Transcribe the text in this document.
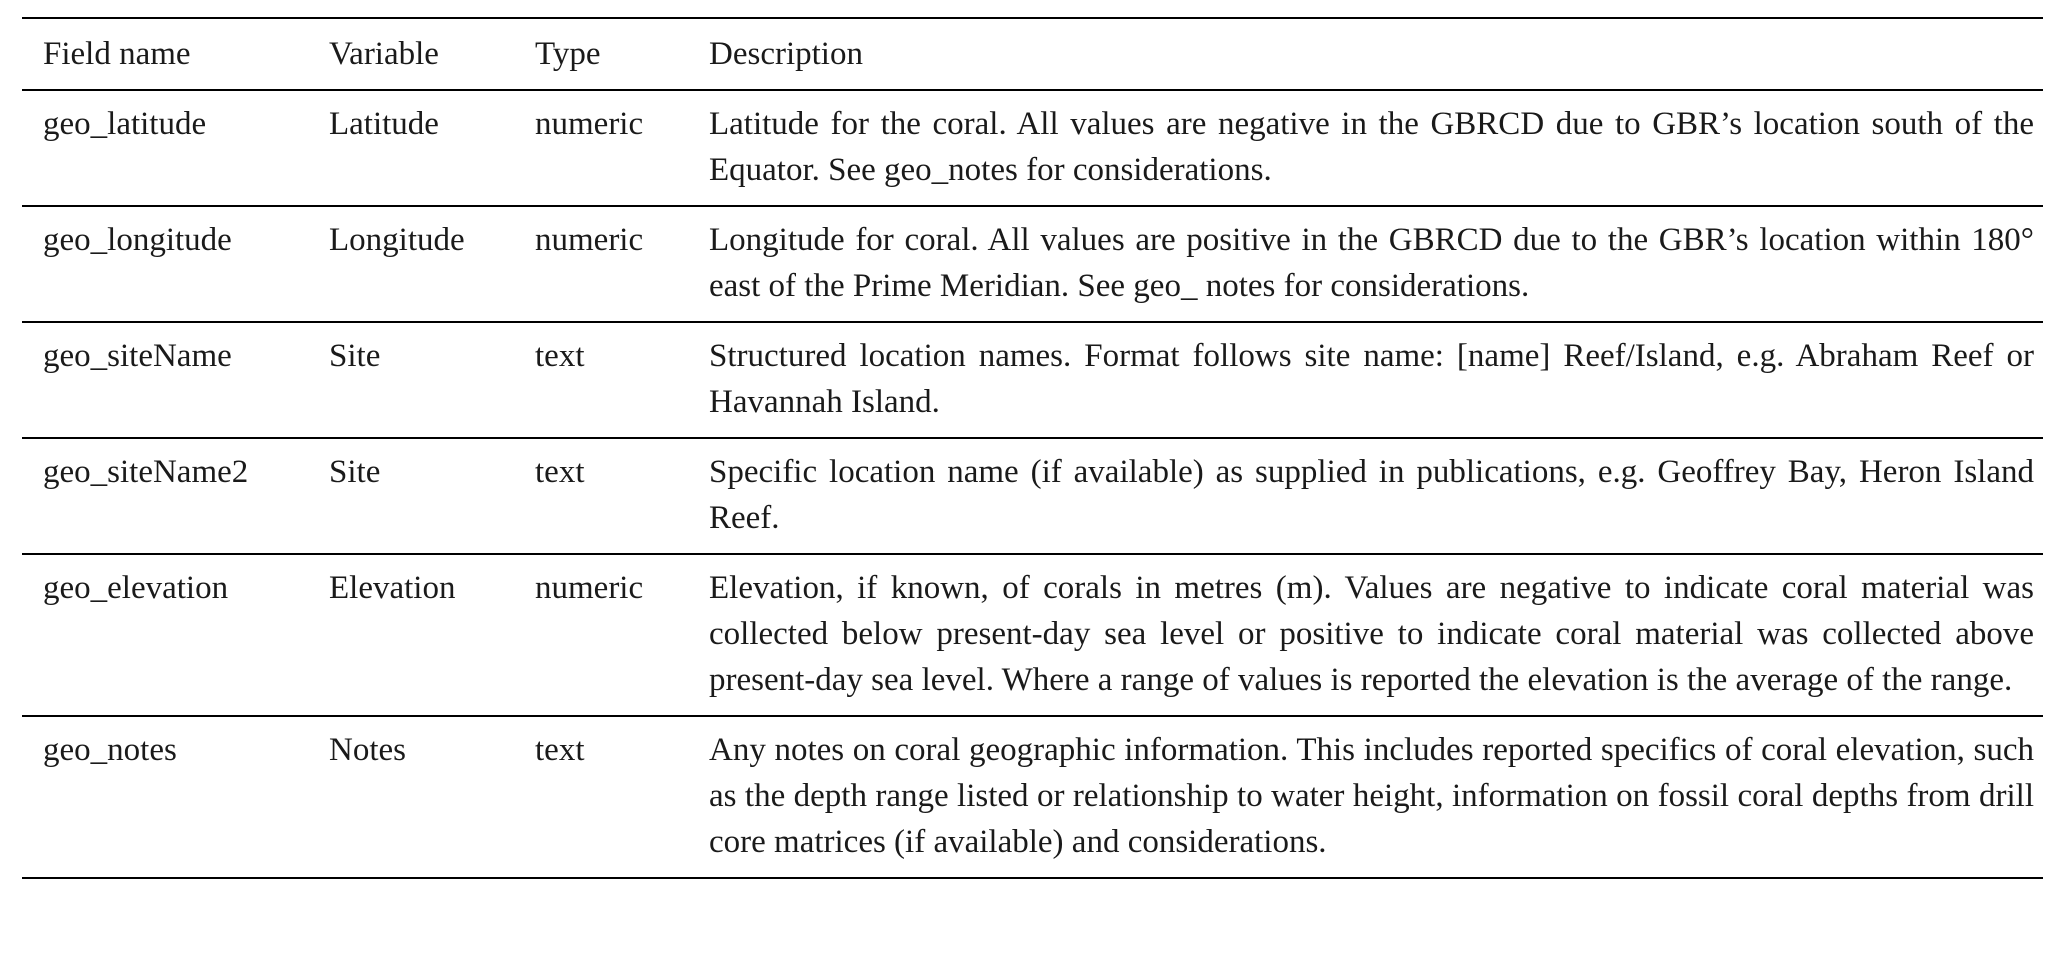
Field name	Variable	Type	Description
geo_latitude	Latitude	numeric	Latitude for the coral. All values are negative in the GBRCD due to GBR’s location south of the Equator. See geo_notes for considerations.
geo_longitude	Longitude	numeric	Longitude for coral. All values are positive in the GBRCD due to the GBR’s location within 180° east of the Prime Meridian. See geo_ notes for considerations.
geo_siteName	Site	text	Structured location names. Format follows site name: [name] Reef/Island, e.g. Abraham Reef or Havannah Island.
geo_siteName2	Site	text	Specific location name (if available) as supplied in publications, e.g. Geoffrey Bay, Heron Island Reef.
geo_elevation	Elevation	numeric	Elevation, if known, of corals in metres (m). Values are negative to indicate coral material was collected below present-day sea level or positive to indicate coral material was collected above present-day sea level. Where a range of values is reported the elevation is the average of the range.
geo_notes	Notes	text	Any notes on coral geographic information. This includes reported specifics of coral elevation, such as the depth range listed or relationship to water height, information on fossil coral depths from drill core matrices (if available) and considerations.
